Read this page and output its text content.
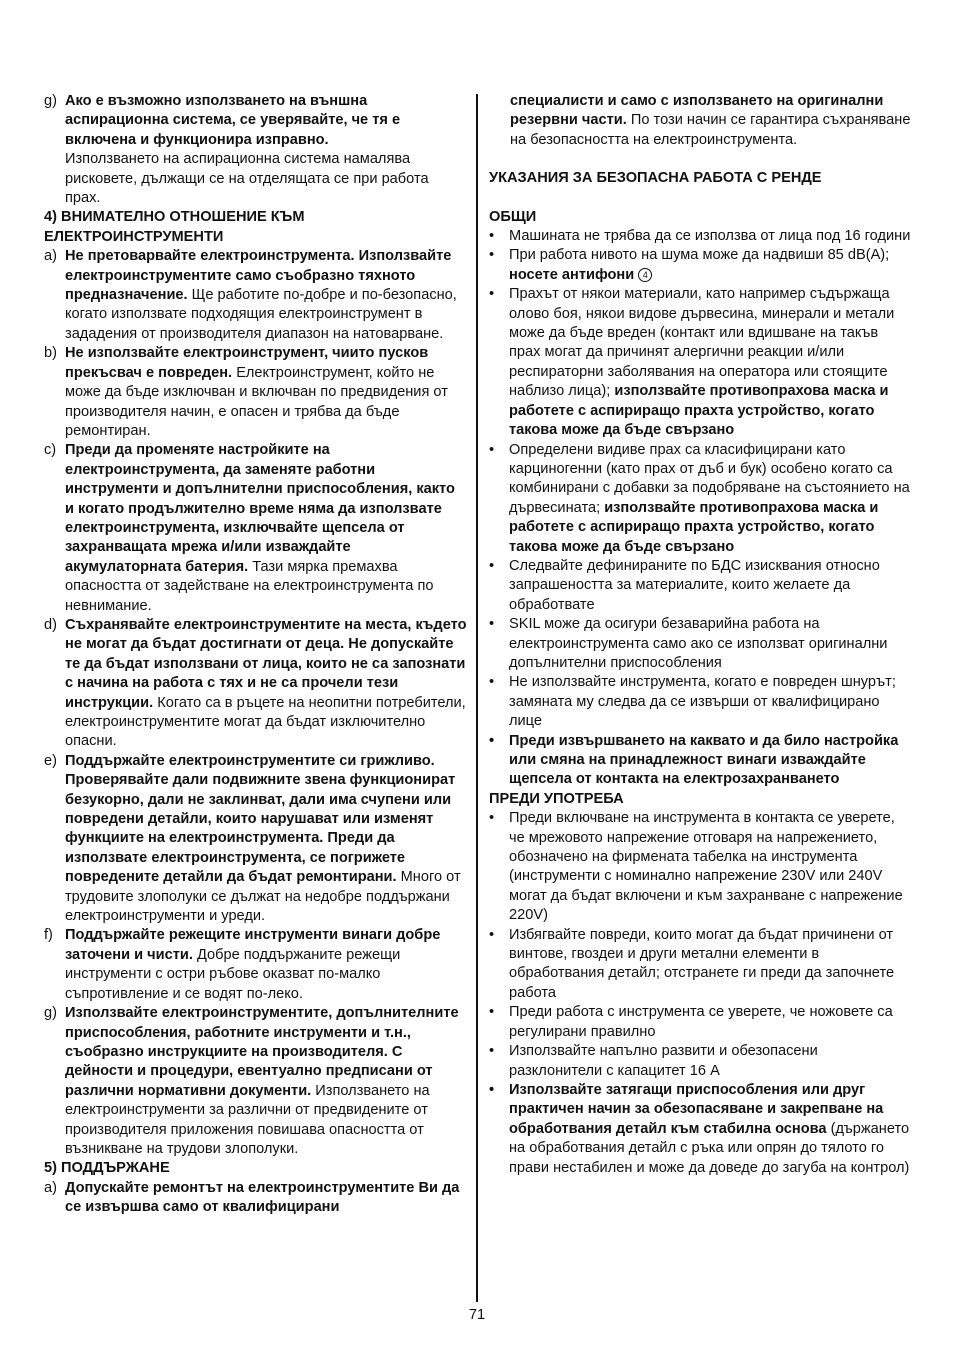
g) Ако е възможно използването на външна аспирационна система, се уверявайте, че тя е включена и функционира изправно.
Използването на аспирационна система намалява рисковете, дължащи се на отделящата се при работа прах.
4) ВНИМАТЕЛНО ОТНОШЕНИЕ КЪМ ЕЛЕКТРОИНСТРУМЕНТИ
a) Не претоварвайте електроинструмента. Използвайте електроинструментите само съобразно тяхното предназначение. Ще работите по-добре и по-безопасно, когато използвате подходящия електроинструмент в зададения от производителя диапазон на натоварване.
b) Не използвайте електроинструмент, чиито пусков прекъсвач е повреден. Електроинструмент, който не може да бъде изключван и включван по предвидения от производителя начин, е опасен и трябва да бъде ремонтиран.
c) Преди да променяте настройките на електроинструмента, да заменяте работни инструменти и допълнителни приспособления, както и когато продължително време няма да използвате електроинструмента, изключвайте щепсела от захранващата мрежа и/или изваждайте акумулаторната батерия. Тази мярка премахва опасността от задействане на електроинструмента по невнимание.
d) Съхранявайте електроинструментите на места, където не могат да бъдат достигнати от деца. Не допускайте те да бъдат използвани от лица, които не са запознати с начина на работа с тях и не са прочели тези инструкции. Когато са в ръцете на неопитни потребители, електроинструментите могат да бъдат изключително опасни.
e) Поддържайте електроинструментите си грижливо. Проверявайте дали подвижните звена функционират безукорно, дали не заклинват, дали има счупени или повредени детайли, които нарушават или изменят функциите на електроинструмента. Преди да използвате електроинструмента, се погрижете повредените детайли да бъдат ремонтирани. Много от трудовите злополуки се дължат на недобре поддържани електроинструменти и уреди.
f) Поддържайте режещите инструменти винаги добре заточени и чисти. Добре поддържаните режещи инструменти с остри ръбове оказват по-малко съпротивление и се водят по-леко.
g) Използвайте електроинструментите, допълнителните приспособления, работните инструменти и т.н., съобразно инструкциите на производителя. С дейности и процедури, евентуално предписани от различни нормативни документи. Използването на електроинструменти за различни от предвидените от производителя приложения повишава опасността от възникване на трудови злополуки.
5) ПОДДЪРЖАНЕ
a) Допускайте ремонтът на електроинструментите Ви да се извършва само от квалифицирани
специалисти и само с използването на оригинални резервни части. По този начин се гарантира съхраняване на безопасността на електроинструмента.
УКАЗАНИЯ ЗА БЕЗОПАСНА РАБОТА С РЕНДЕ
ОБЩИ
• Машината не трябва да се използва от лица под 16 години
• При работа нивото на шума може да надвиши 85 dB(A); носете антифони 4
• Прахът от някои материали, като например съдържаща олово боя, някои видове дървесина, минерали и метали може да бъде вреден (контакт или вдишване на такъв прах могат да причинят алергични реакции и/или респираторни заболявания на оператора или стоящите наблизо лица); използвайте противопрахова маска и работете с аспириращо прахта устройство, когато такова може да бъде свързано
• Определени видиве прах са класифицирани като карциногенни (като прах от дъб и бук) особено когато са комбинирани с добавки за подобряване на състоянието на дървесината; използвайте противопрахова маска и работете с аспириращо прахта устройство, когато такова може да бъде свързано
• Следвайте дефинираните по БДС изисквания относно запрашеността за материалите, които желаете да обработвате
• SKIL може да осигури безаварийна работа на електроинструмента само ако се използват оригинални допълнителни приспособления
• Не използвайте инструмента, когато е повреден шнурът; замяната му следва да се извърши от квалифицирано лице
• Преди извършването на каквато и да било настройка или смяна на принадлежност винаги изваждайте щепсела от контакта на електрозахранването
ПРЕДИ УПОТРЕБА
• Преди включване на инструмента в контакта се уверете, че мрежовото напрежение отговаря на напрежението, обозначено на фирмената табелка на инструмента (инструменти с номинално напрежение 230V или 240V могат да бъдат включени и към захранване с напрежение 220V)
• Избягвайте повреди, които могат да бъдат причинени от винтове, гвоздеи и други метални елементи в обработвания детайл; отстранете ги преди да започнете работа
• Преди работа с инструмента се уверете, че ножовете са регулирани правилно
• Използвайте напълно развити и обезопасени разклонители с капацитет 16 A
• Използвайте затягащи приспособления или друг практичен начин за обезопасяване и закрепване на обработвания детайл към стабилна основа (държането на обработвания детайл с ръка или опрян до тялото го прави нестабилен и може да доведе до загуба на контрол)
71
